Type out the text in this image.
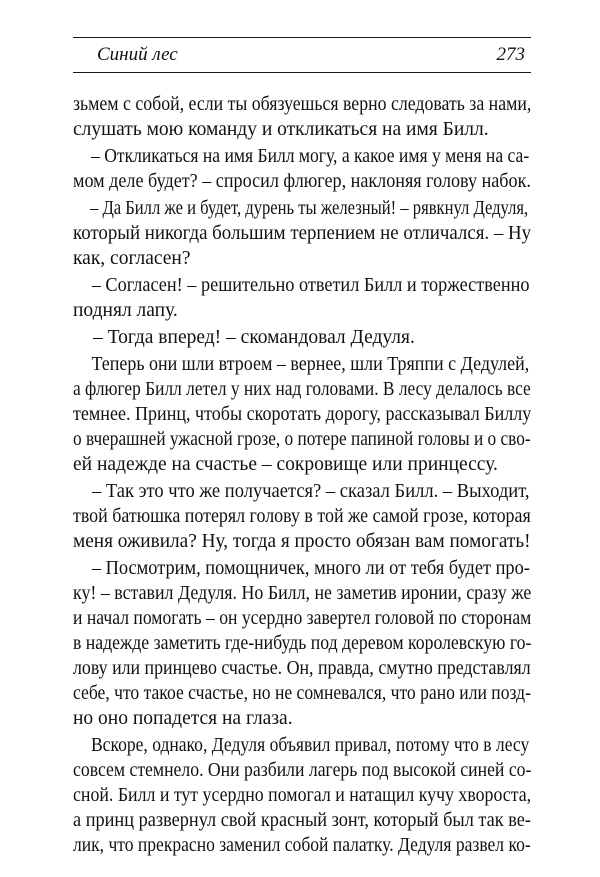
Синий лес	273
зьмем с собой, если ты обязуешься верно следовать за нами,
слушать мою команду и откликаться на имя Билл.
– Откликаться на имя Билл могу, а какое имя у меня на са-
мом деле будет? – спросил флюгер, наклоняя голову набок.
– Да Билл же и будет, дурень ты железный! – рявкнул Дедуля,
который никогда большим терпением не отличался. – Ну
как, согласен?
– Согласен! – решительно ответил Билл и торжественно
поднял лапу.
– Тогда вперед! – скомандовал Дедуля.
Теперь они шли втроем – вернее, шли Тряппи с Дедулей,
а флюгер Билл летел у них над головами. В лесу делалось все
темнее. Принц, чтобы скоротать дорогу, рассказывал Биллу
о вчерашней ужасной грозе, о потере папиной головы и о сво-
ей надежде на счастье – сокровище или принцессу.
– Так это что же получается? – сказал Билл. – Выходит,
твой батюшка потерял голову в той же самой грозе, которая
меня оживила? Ну, тогда я просто обязан вам помогать!
– Посмотрим, помощничек, много ли от тебя будет про-
ку! – вставил Дедуля. Но Билл, не заметив иронии, сразу же
и начал помогать – он усердно завертел головой по сторонам
в надежде заметить где-нибудь под деревом королевскую го-
лову или принцево счастье. Он, правда, смутно представлял
себе, что такое счастье, но не сомневался, что рано или позд-
но оно попадется на глаза.
Вскоре, однако, Дедуля объявил привал, потому что в лесу
совсем стемнело. Они разбили лагерь под высокой синей со-
сной. Билл и тут усердно помогал и натащил кучу хвороста,
а принц развернул свой красный зонт, который был так ве-
лик, что прекрасно заменил собой палатку. Дедуля развел ко-
